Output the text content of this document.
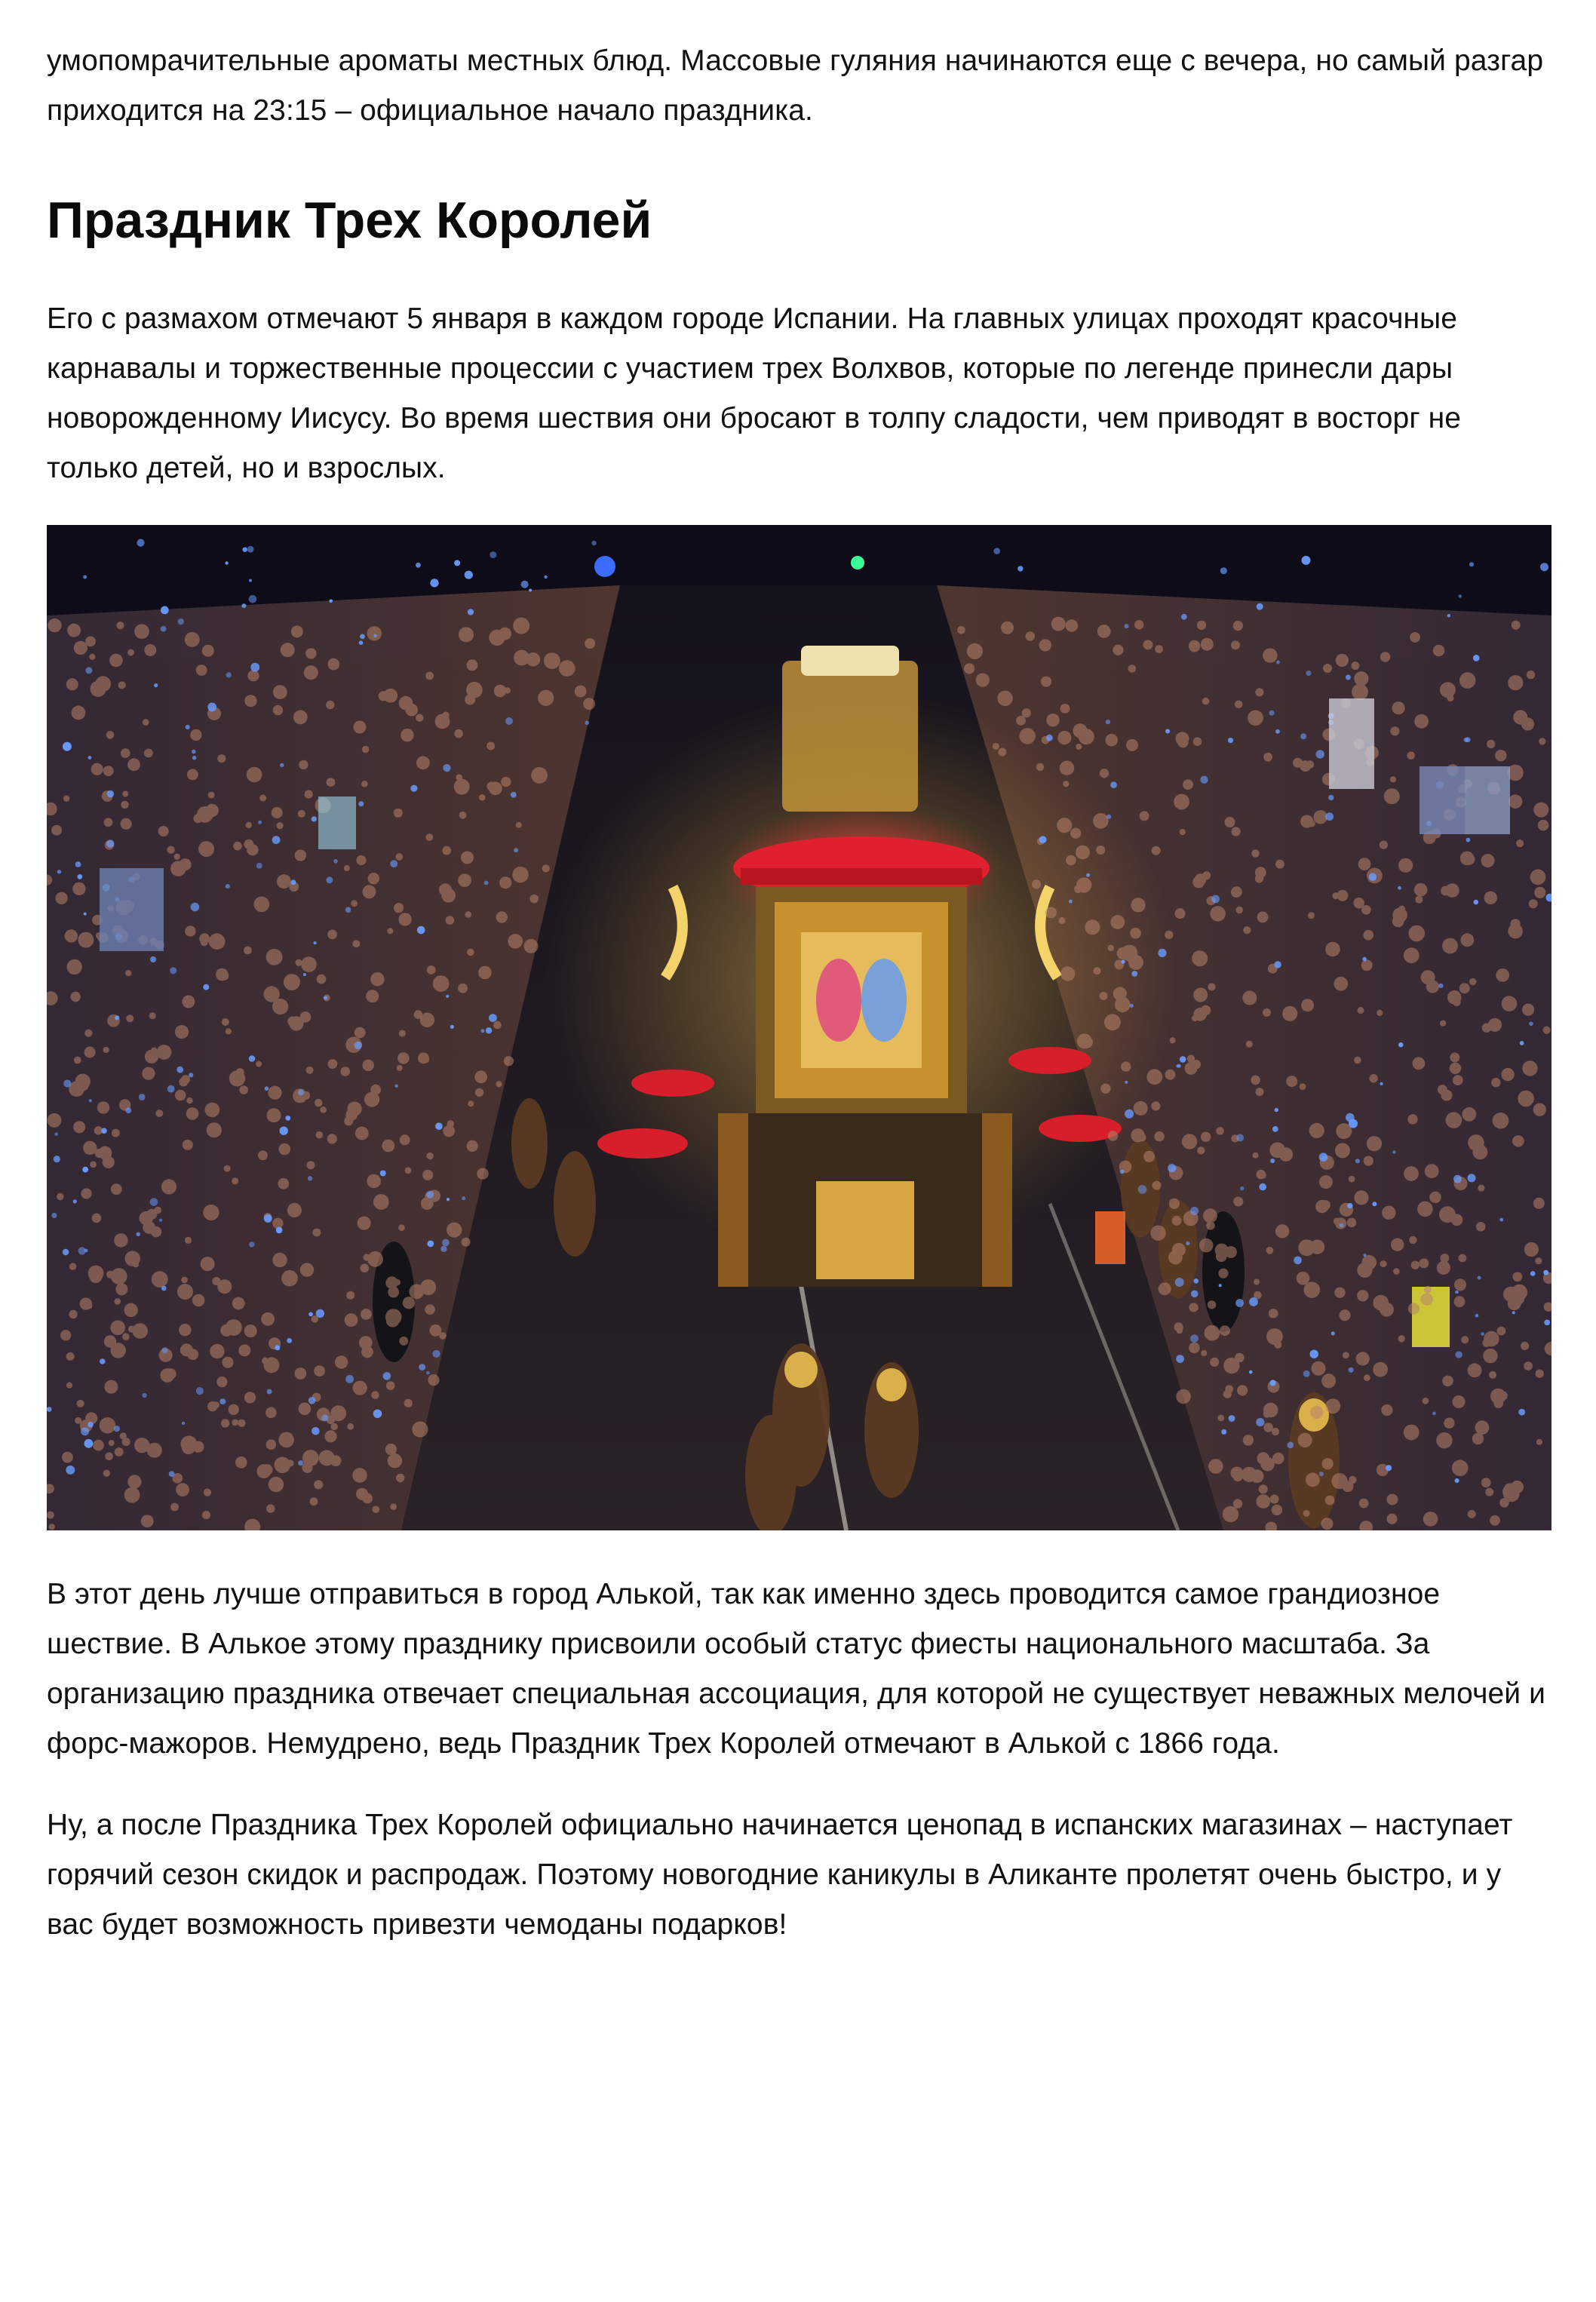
умопомрачительные ароматы местных блюд. Массовые гуляния начинаются еще с вечера, но самый разгар приходится на 23:15 – официальное начало праздника.

Праздник Трех Королей

Его с размахом отмечают 5 января в каждом городе Испании. На главных улицах проходят красочные карнавалы и торжественные процессии с участием трех Волхвов, которые по легенде принесли дары новорожденному Иисусу. Во время шествия они бросают в толпу сладости, чем приводят в восторг не только детей, но и взрослых.

В этот день лучше отправиться в город Алькой, так как именно здесь проводится самое грандиозное шествие. В Алькое этому празднику присвоили особый статус фиесты национального масштаба. За организацию праздника отвечает специальная ассоциация, для которой не существует неважных мелочей и форс-мажоров. Немудрено, ведь Праздник Трех Королей отмечают в Алькой с 1866 года.

Ну, а после Праздника Трех Королей официально начинается ценопад в испанских магазинах – наступает горячий сезон скидок и распродаж. Поэтому новогодние каникулы в Аликанте пролетят очень быстро, и у вас будет возможность привезти чемоданы подарков!
